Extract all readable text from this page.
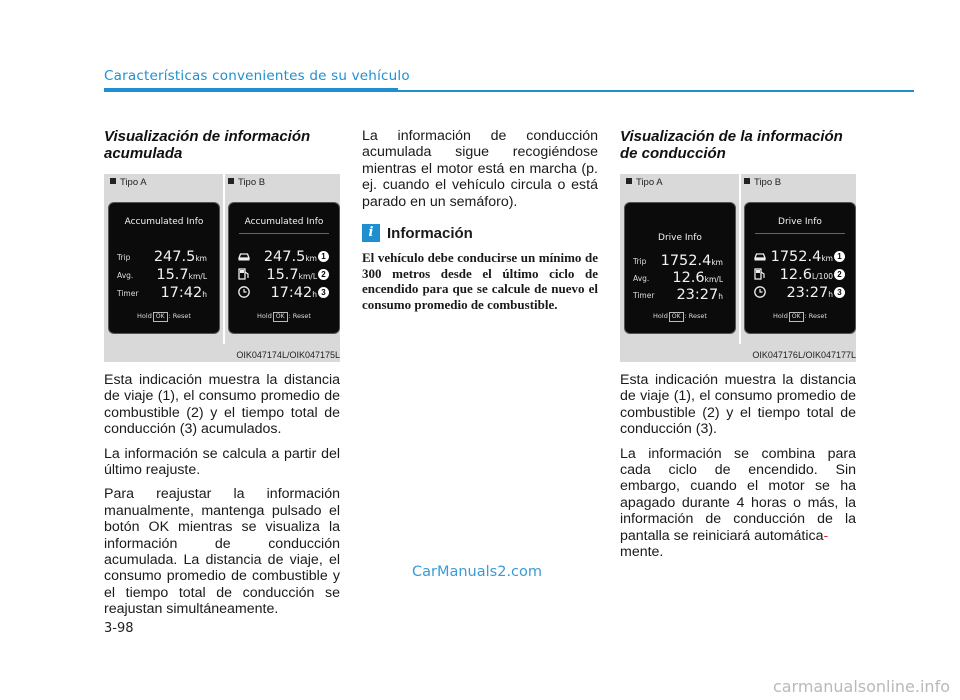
Características convenientes de su vehículo
Visualización de información acumulada
Tipo A	Tipo B
Accumulated Info
Trip 247.5km
Avg. 15.7km/L
Timer 17:42h
Hold OK : Reset
Accumulated Info
247.5km 1
15.7km/L 2
17:42h 3
Hold OK : Reset
OIK047174L/OIK047175L

Esta indicación muestra la distancia de viaje (1), el consumo promedio de combustible (2) y el tiempo total de conducción (3) acumulados.

La información se calcula a partir del último reajuste.

Para reajustar la información manualmente, mantenga pulsado el botón OK mientras se visualiza la información de conducción acumulada. La distancia de viaje, el consumo promedio de combustible y el tiempo total de conducción se reajustan simultáneamente.

La información de conducción acumulada sigue recogiéndose mientras el motor está en marcha (p. ej. cuando el vehículo circula o está parado en un semáforo).

i Información

El vehículo debe conducirse un mínimo de 300 metros desde el último ciclo de encendido para que se calcule de nuevo el consumo promedio de combustible.

Visualización de la información de conducción
Tipo A	Tipo B
Drive Info
Trip 1752.4km
Avg. 12.6km/L
Timer 23:27h
Hold OK : Reset
Drive Info
1752.4km 1
12.6L/100 2
23:27h 3
Hold OK : Reset
OIK047176L/OIK047177L

Esta indicación muestra la distancia de viaje (1), el consumo promedio de combustible (2) y el tiempo total de conducción (3).

La información se combina para cada ciclo de encendido. Sin embargo, cuando el motor se ha apagado durante 4 horas o más, la información de conducción de la pantalla se reiniciará automática-
mente.

3-98
CarManuals2.com
carmanualsonline.info
